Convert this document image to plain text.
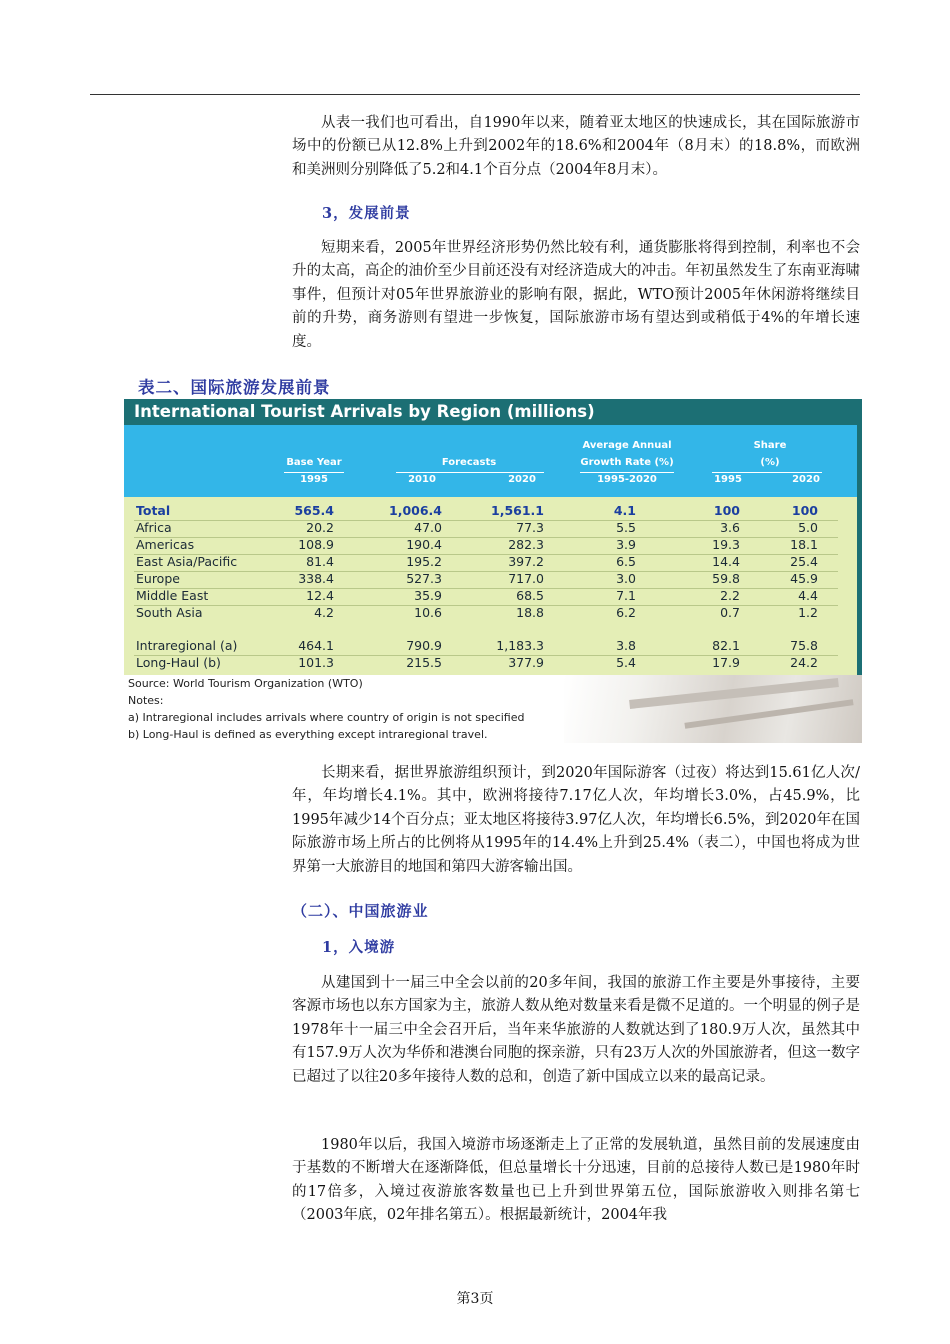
从表一我们也可看出，自1990年以来，随着亚太地区的快速成长，其在国际旅游市场中的份额已从12.8%上升到2002年的18.6%和2004年（8月末）的18.8%，而欧洲和美洲则分别降低了5.2和4.1个百分点（2004年8月末）。

3，发展前景

短期来看，2005年世界经济形势仍然比较有利，通货膨胀将得到控制，利率也不会升的太高，高企的油价至少目前还没有对经济造成大的冲击。年初虽然发生了东南亚海啸事件，但预计对05年世界旅游业的影响有限，据此，WTO预计2005年休闲游将继续目前的升势，商务游则有望进一步恢复，国际旅游市场有望达到或稍低于4%的年增长速度。

表二、国际旅游发展前景
International Tourist Arrivals by Region (millions)
Base Year	Forecasts
Average Annual
Growth Rate (%)
Share
(%)
1995	2010	2020	1995-2020	1995	2020
Total	565.4	1,006.4	1,561.1	4.1	100	100
Africa	20.2	47.0	77.3	5.5	3.6	5.0
Americas	108.9	190.4	282.3	3.9	19.3	18.1
East Asia/Pacific	81.4	195.2	397.2	6.5	14.4	25.4
Europe	338.4	527.3	717.0	3.0	59.8	45.9
Middle East	12.4	35.9	68.5	7.1	2.2	4.4
South Asia	4.2	10.6	18.8	6.2	0.7	1.2
Intraregional (a)	464.1	790.9	1,183.3	3.8	82.1	75.8
Long-Haul (b)	101.3	215.5	377.9	5.4	17.9	24.2
Source: World Tourism Organization (WTO)
Notes:
a) Intraregional includes arrivals where country of origin is not specified
b) Long-Haul is defined as everything except intraregional travel.

长期来看，据世界旅游组织预计，到2020年国际游客（过夜）将达到15.61亿人次/年，年均增长4.1%。其中，欧洲将接待7.17亿人次，年均增长3.0%，占45.9%，比1995年减少14个百分点；亚太地区将接待3.97亿人次，年均增长6.5%，到2020年在国际旅游市场上所占的比例将从1995年的14.4%上升到25.4%（表二），中国也将成为世界第一大旅游目的地国和第四大游客输出国。

（二）、中国旅游业

1，入境游

从建国到十一届三中全会以前的20多年间，我国的旅游工作主要是外事接待，主要客源市场也以东方国家为主，旅游人数从绝对数量来看是微不足道的。一个明显的例子是1978年十一届三中全会召开后，当年来华旅游的人数就达到了180.9万人次，虽然其中有157.9万人次为华侨和港澳台同胞的探亲游，只有23万人次的外国旅游者，但这一数字已超过了以往20多年接待人数的总和，创造了新中国成立以来的最高记录。

1980年以后，我国入境游市场逐渐走上了正常的发展轨道，虽然目前的发展速度由于基数的不断增大在逐渐降低，但总量增长十分迅速，目前的总接待人数已是1980年时的17倍多，入境过夜游旅客数量也已上升到世界第五位，国际旅游收入则排名第七（2003年底，02年排名第五）。根据最新统计，2004年我

第3页
